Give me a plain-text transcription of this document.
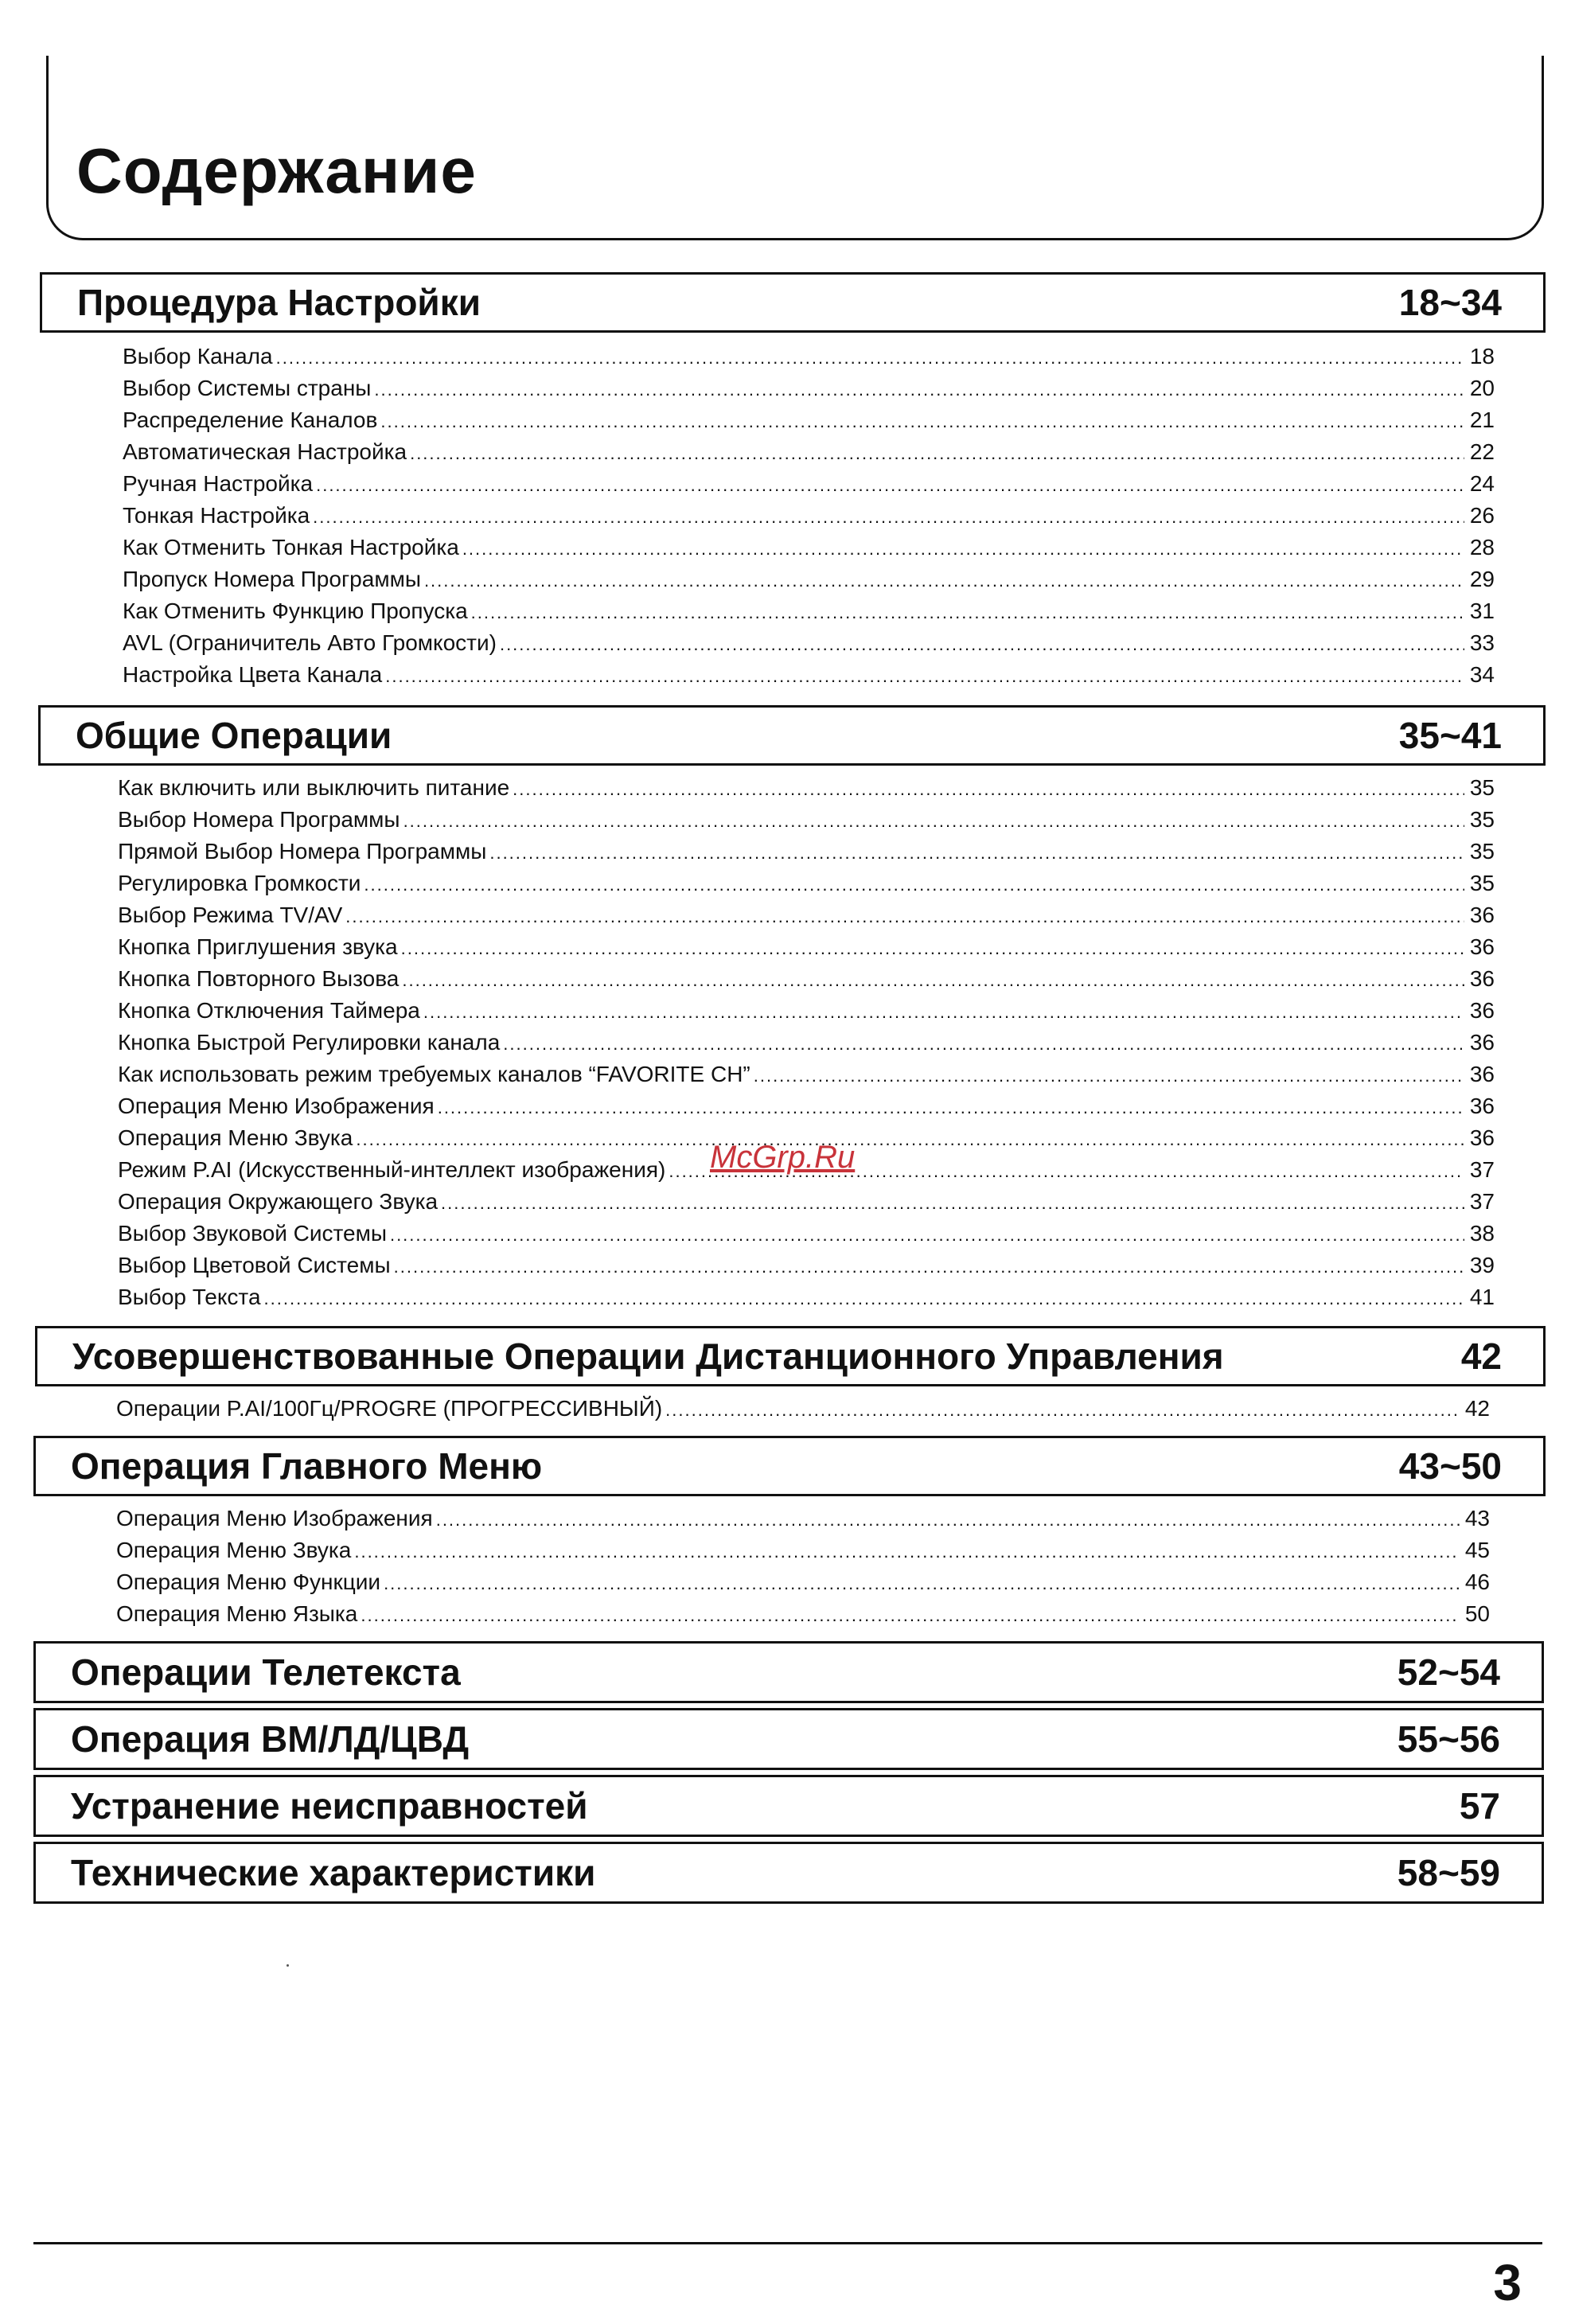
Содержание
Процедура Настройки	18~34
Выбор Канала .....	18
Выбор Системы страны .....	20
Распределение Каналов .....	21
Автоматическая Настройка .....	22
Ручная Настройка .....	24
Тонкая Настройка .....	26
Как Отменить Тонкая Настройка .....	28
Пропуск Номера Программы .....	29
Как Отменить Функцию Пропуска .....	31
AVL (Ограничитель Авто Громкости) .....	33
Настройка Цвета Канала .....	34
Общие Операции	35~41
Как включить или выключить питание .....	35
Выбор Номера Программы .....	35
Прямой Выбор Номера Программы .....	35
Регулировка Громкости .....	35
Выбор Режима TV/AV .....	36
Кнопка Приглушения звука .....	36
Кнопка Повторного Вызова .....	36
Кнопка Отключения Таймера .....	36
Кнопка Быстрой Регулировки канала .....	36
Как использовать режим требуемых каналов “FAVORITE CH” .....	36
Операция Меню Изображения .....	36
Операция Меню Звука .....	36
Режим P.AI (Искусственный-интеллект изображения) .....	37
Операция Окружающего Звука .....	37
Выбор Звуковой Системы .....	38
Выбор Цветовой Системы .....	39
Выбор Текста .....	41
McGrp.Ru
Усовершенствованные Операции Дистанционного Управления	42
Операции P.AI/100Гц/PROGRE (ПРОГРЕССИВНЫЙ) .....	42
Операция Главного Меню	43~50
Операция Меню Изображения .....	43
Операция Меню Звука .....	45
Операция Меню Функции .....	46
Операция Меню Языка .....	50
Операции Телетекста	52~54
Операция ВМ/ЛД/ЦВД	55~56
Устранение неисправностей	57
Технические характеристики	58~59
3
